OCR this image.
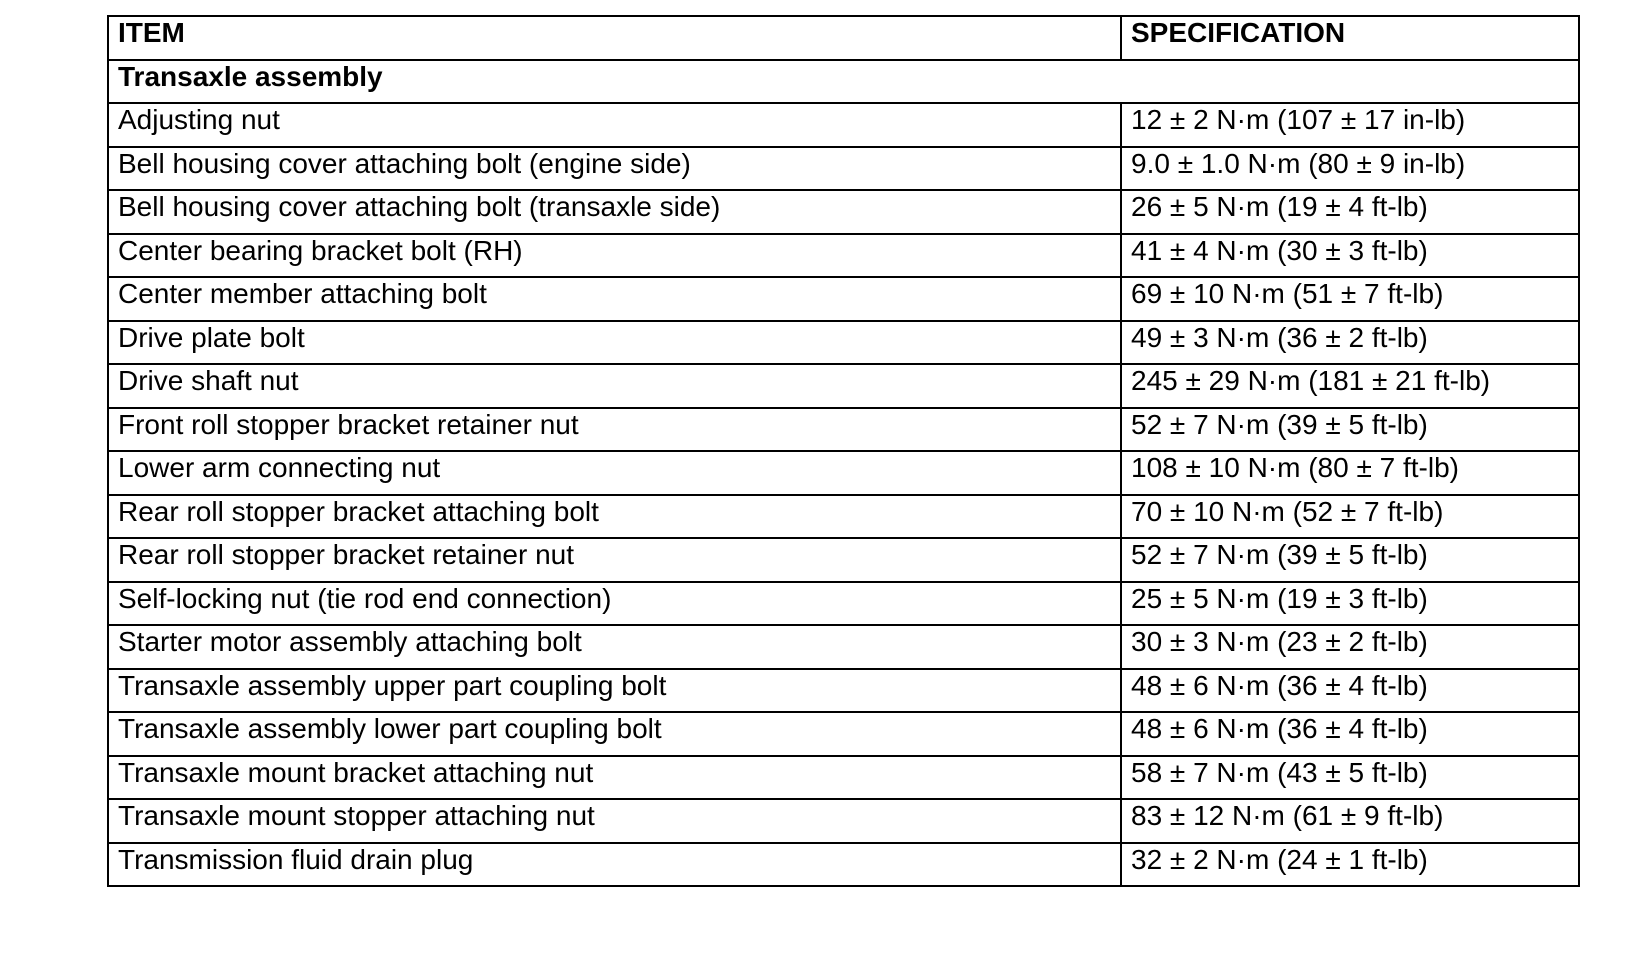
ITEM	SPECIFICATION
Transaxle assembly	
Adjusting nut	12 ± 2 N·m (107 ± 17 in-lb)
Bell housing cover attaching bolt (engine side)	9.0 ± 1.0 N·m (80 ± 9 in-lb)
Bell housing cover attaching bolt (transaxle side)	26 ± 5 N·m (19 ± 4 ft-lb)
Center bearing bracket bolt (RH)	41 ± 4 N·m (30 ± 3 ft-lb)
Center member attaching bolt	69 ± 10 N·m (51 ± 7 ft-lb)
Drive plate bolt	49 ± 3 N·m (36 ± 2 ft-lb)
Drive shaft nut	245 ± 29 N·m (181 ± 21 ft-lb)
Front roll stopper bracket retainer nut	52 ± 7 N·m (39 ± 5 ft-lb)
Lower arm connecting nut	108 ± 10 N·m (80 ± 7 ft-lb)
Rear roll stopper bracket attaching bolt	70 ± 10 N·m (52 ± 7 ft-lb)
Rear roll stopper bracket retainer nut	52 ± 7 N·m (39 ± 5 ft-lb)
Self-locking nut (tie rod end connection)	25 ± 5 N·m (19 ± 3 ft-lb)
Starter motor assembly attaching bolt	30 ± 3 N·m (23 ± 2 ft-lb)
Transaxle assembly upper part coupling bolt	48 ± 6 N·m (36 ± 4 ft-lb)
Transaxle assembly lower part coupling bolt	48 ± 6 N·m (36 ± 4 ft-lb)
Transaxle mount bracket attaching nut	58 ± 7 N·m (43 ± 5 ft-lb)
Transaxle mount stopper attaching nut	83 ± 12 N·m (61 ± 9 ft-lb)
Transmission fluid drain plug	32 ± 2 N·m (24 ± 1 ft-lb)
